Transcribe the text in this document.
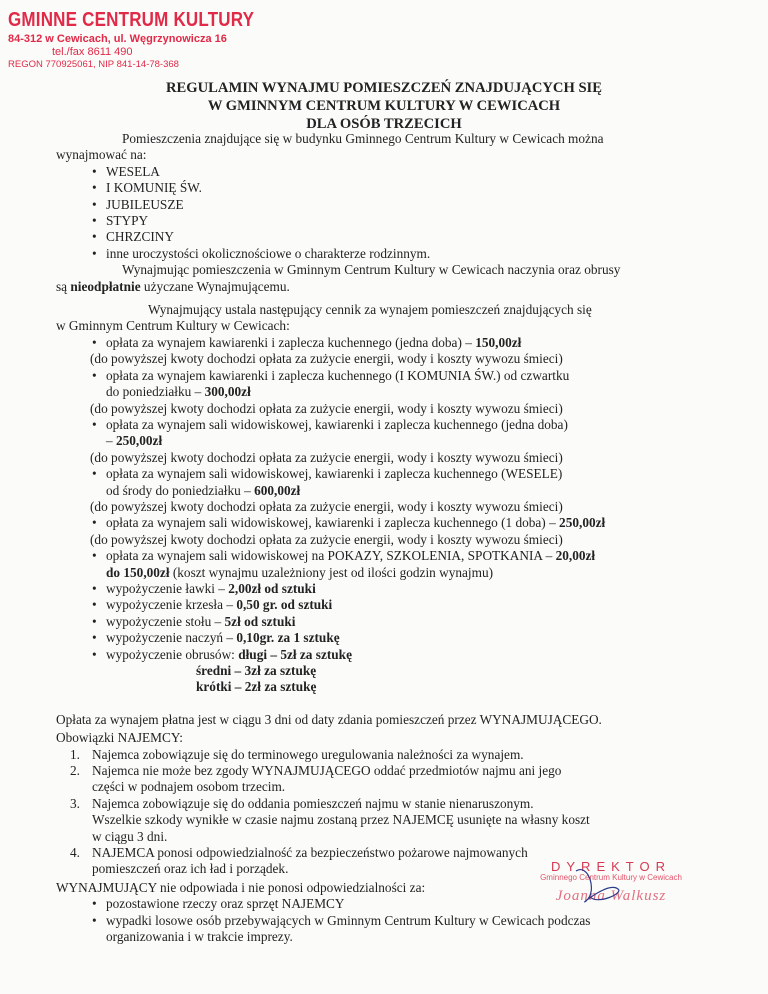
GMINNE CENTRUM KULTURY
84-312 w Cewicach, ul. Węgrzynowicza 16
tel./fax 8611 490
REGON 770925061, NIP 841-14-78-368
REGULAMIN WYNAJMU POMIESZCZEŃ ZNAJDUJĄCYCH SIĘ
W GMINNYM CENTRUM KULTURY W CEWICACH
DLA OSÓB TRZECICH

Pomieszczenia znajdujące się w budynku Gminnego Centrum Kultury w Cewicach można

wynajmować na:

• WESELA
• I KOMUNIĘ ŚW.
• JUBILEUSZE
• STYPY
• CHRZCINY
• inne uroczystości okolicznościowe o charakterze rodzinnym.

Wynajmując pomieszczenia w Gminnym Centrum Kultury w Cewicach naczynia oraz obrusy

są nieodpłatnie użyczane Wynajmującemu.

Wynajmujący ustala następujący cennik za wynajem pomieszczeń znajdujących się

w Gminnym Centrum Kultury w Cewicach:

• opłata za wynajem kawiarenki i zaplecza kuchennego (jedna doba) – 150,00zł

(do powyższej kwoty dochodzi opłata za zużycie energii, wody i koszty wywozu śmieci)

• opłata za wynajem kawiarenki i zaplecza kuchennego (I KOMUNIA ŚW.) od czwartku
do poniedziałku – 300,00zł

(do powyższej kwoty dochodzi opłata za zużycie energii, wody i koszty wywozu śmieci)

• opłata za wynajem sali widowiskowej, kawiarenki i zaplecza kuchennego (jedna doba)
– 250,00zł

(do powyższej kwoty dochodzi opłata za zużycie energii, wody i koszty wywozu śmieci)

• opłata za wynajem sali widowiskowej, kawiarenki i zaplecza kuchennego (WESELE)
od środy do poniedziałku – 600,00zł

(do powyższej kwoty dochodzi opłata za zużycie energii, wody i koszty wywozu śmieci)

• opłata za wynajem sali widowiskowej, kawiarenki i zaplecza kuchennego (1 doba) – 250,00zł

(do powyższej kwoty dochodzi opłata za zużycie energii, wody i koszty wywozu śmieci)

• opłata za wynajem sali widowiskowej na POKAZY, SZKOLENIA, SPOTKANIA – 20,00zł
do 150,00zł (koszt wynajmu uzależniony jest od ilości godzin wynajmu)
• wypożyczenie ławki – 2,00zł od sztuki
• wypożyczenie krzesła – 0,50 gr. od sztuki
• wypożyczenie stołu – 5zł od sztuki
• wypożyczenie naczyń – 0,10gr. za 1 sztukę
• wypożyczenie obrusów: długi – 5zł za sztukę

średni – 3zł za sztukę

krótki – 2zł za sztukę

Opłata za wynajem płatna jest w ciągu 3 dni od daty zdania pomieszczeń przez WYNAJMUJĄCEGO.

Obowiązki NAJEMCY:

1. Najemca zobowiązuje się do terminowego uregulowania należności za wynajem.
2. Najemca nie może bez zgody WYNAJMUJĄCEGO oddać przedmiotów najmu ani jego
części w podnajem osobom trzecim.
3. Najemca zobowiązuje się do oddania pomieszczeń najmu w stanie nienaruszonym.
Wszelkie szkody wynikłe w czasie najmu zostaną przez NAJEMCĘ usunięte na własny koszt
w ciągu 3 dni.
4. NAJEMCA ponosi odpowiedzialność za bezpieczeństwo pożarowe najmowanych
pomieszczeń oraz ich ład i porządek.

WYNAJMUJĄCY nie odpowiada i nie ponosi odpowiedzialności za:

• pozostawione rzeczy oraz sprzęt NAJEMCY
• wypadki losowe osób przebywających w Gminnym Centrum Kultury w Cewicach podczas
organizowania i w trakcie imprezy.
DYREKTOR
Gminnego Centrum Kultury w Cewicach
Joanna Walkusz
